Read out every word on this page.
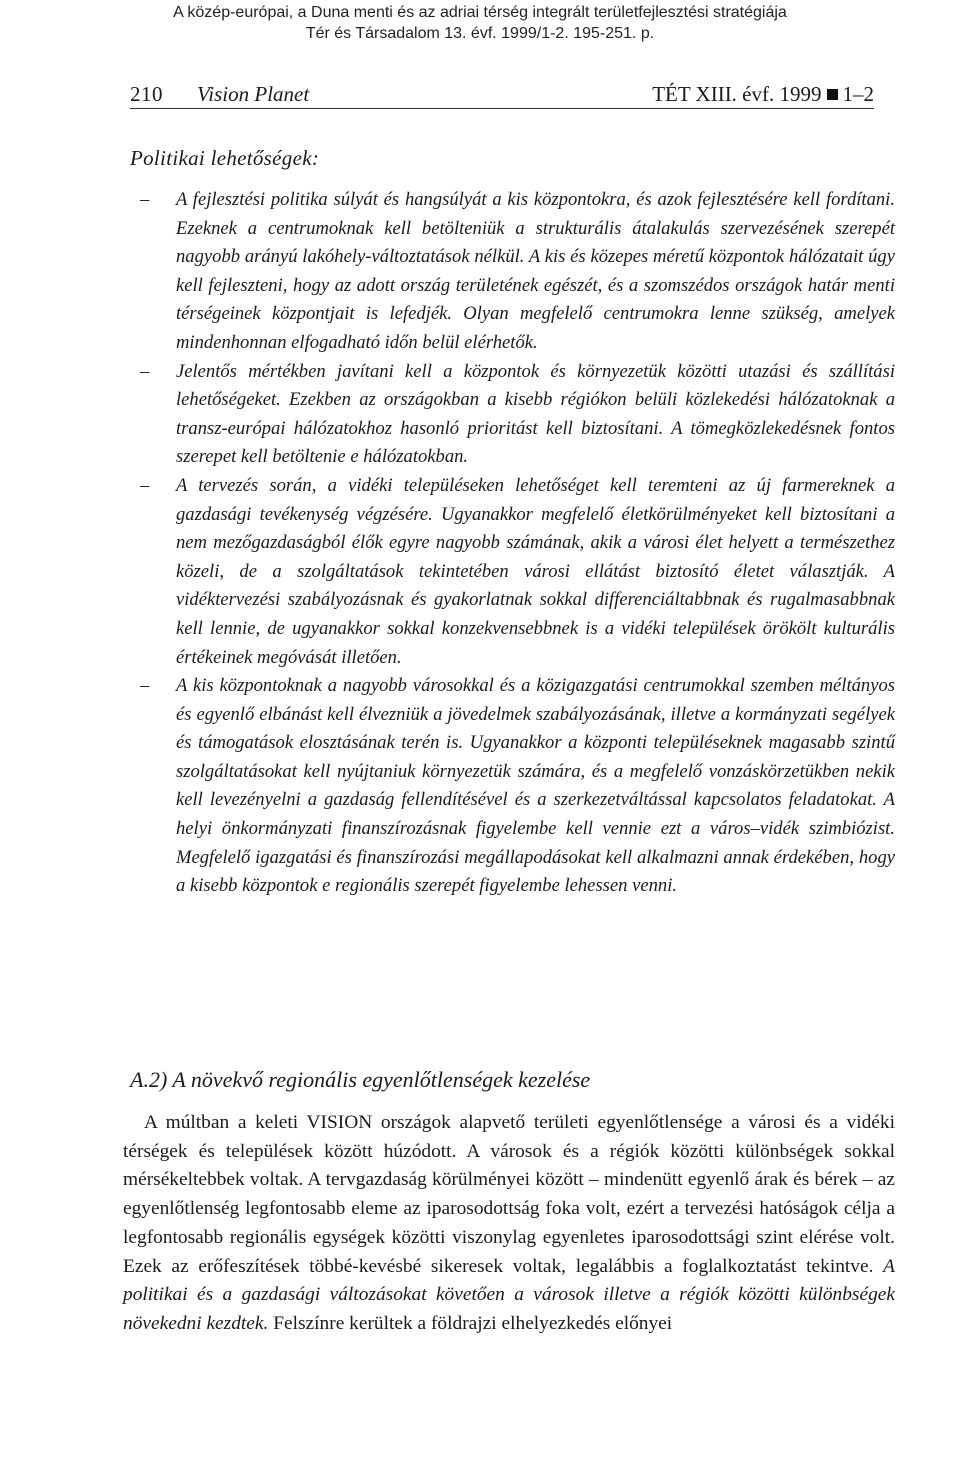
A közép-európai, a Duna menti és az adriai térség integrált területfejlesztési stratégiája
Tér és Társadalom 13. évf. 1999/1-2. 195-251. p.
210 Vision Planet	TÉT XIII. évf. 1999 1–2
Politikai lehetőségek:
–	A fejlesztési politika súlyát és hangsúlyát a kis központokra, és azok fejlesztésére kell fordítani. Ezeknek a centrumoknak kell betölteniük a strukturális átalakulás szervezésének szerepét nagyobb arányú lakóhely-változtatások nélkül. A kis és közepes méretű központok hálózatait úgy kell fejleszteni, hogy az adott ország területének egészét, és a szomszédos országok határ menti térségeinek központjait is lefedjék. Olyan megfelelő centrumokra lenne szükség, amelyek mindenhonnan elfogadható időn belül elérhetők.
–	Jelentős mértékben javítani kell a központok és környezetük közötti utazási és szállítási lehetőségeket. Ezekben az országokban a kisebb régiókon belüli közlekedési hálózatoknak a transz-európai hálózatokhoz hasonló prioritást kell biztosítani. A tömegközlekedésnek fontos szerepet kell betöltenie e hálózatokban.
–	A tervezés során, a vidéki településeken lehetőséget kell teremteni az új farmereknek a gazdasági tevékenység végzésére. Ugyanakkor megfelelő életkörülményeket kell biztosítani a nem mezőgazdaságból élők egyre nagyobb számának, akik a városi élet helyett a természethez közeli, de a szolgáltatások tekintetében városi ellátást biztosító életet választják. A vidéktervezési szabályozásnak és gyakorlatnak sokkal differenciáltabbnak és rugalmasabbnak kell lennie, de ugyanakkor sokkal konzekvensebbnek is a vidéki települések örökölt kulturális értékeinek megóvását illetően.
–	A kis központoknak a nagyobb városokkal és a közigazgatási centrumokkal szemben méltányos és egyenlő elbánást kell élvezniük a jövedelmek szabályozásának, illetve a kormányzati segélyek és támogatások elosztásának terén is. Ugyanakkor a központi településeknek magasabb szintű szolgáltatásokat kell nyújtaniuk környezetük számára, és a megfelelő vonzáskörzetükben nekik kell levezényelni a gazdaság fellendítésével és a szerkezetváltással kapcsolatos feladatokat. A helyi önkormányzati finanszírozásnak figyelembe kell vennie ezt a város–vidék szimbiózist. Megfelelő igazgatási és finanszírozási megállapodásokat kell alkalmazni annak érdekében, hogy a kisebb központok e regionális szerepét figyelembe lehessen venni.
A.2) A növekvő regionális egyenlőtlenségek kezelése

A múltban a keleti VISION országok alapvető területi egyenlőtlensége a városi és a vidéki térségek és települések között húzódott. A városok és a régiók közötti különbségek sokkal mérsékeltebbek voltak. A tervgazdaság körülményei között – mindenütt egyenlő árak és bérek – az egyenlőtlenség legfontosabb eleme az iparosodottság foka volt, ezért a tervezési hatóságok célja a legfontosabb regionális egységek közötti viszonylag egyenletes iparosodottsági szint elérése volt. Ezek az erőfeszítések többé-kevésbé sikeresek voltak, legalábbis a foglalkoztatást tekintve. A politikai és a gazdasági változásokat követően a városok illetve a régiók közötti különbségek növekedni kezdtek. Felszínre kerültek a földrajzi elhelyezkedés előnyei
